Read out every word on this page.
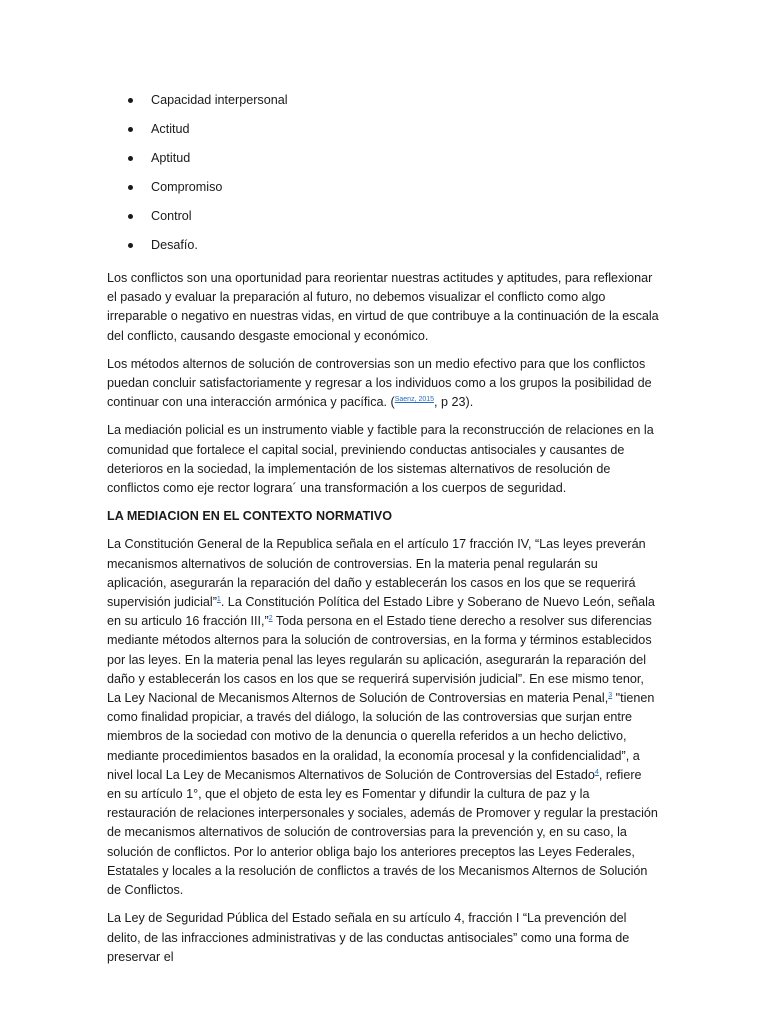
Capacidad interpersonal
Actitud
Aptitud
Compromiso
Control
Desafío.

Los conflictos son una oportunidad para reorientar nuestras actitudes y aptitudes, para reflexionar el pasado y evaluar la preparación al futuro, no debemos visualizar el conflicto como algo irreparable o negativo en nuestras vidas, en virtud de que contribuye a la continuación de la escala del conflicto, causando desgaste emocional y económico.

Los métodos alternos de solución de controversias son un medio efectivo para que los conflictos puedan concluir satisfactoriamente y regresar a los individuos como a los grupos la posibilidad de continuar con una interacción armónica y pacífica. ($^{Saenz, 2015}$, p 23).

La mediación policial es un instrumento viable y factible para la reconstrucción de relaciones en la comunidad que fortalece el capital social, previniendo conductas antisociales y causantes de deterioros en la sociedad, la implementación de los sistemas alternativos de resolución de conflictos como eje rector lograra´ una transformación a los cuerpos de seguridad.

LA MEDIACION EN EL CONTEXTO NORMATIVO

La Constitución General de la Republica señala en el artículo 17 fracción IV, “Las leyes preverán mecanismos alternativos de solución de controversias. En la materia penal regularán su aplicación, asegurarán la reparación del daño y establecerán los casos en los que se requerirá supervisión judicial”$^1$. La Constitución Política del Estado Libre y Soberano de Nuevo León, señala en su articulo 16 fracción III,”$^2$ Toda persona en el Estado tiene derecho a resolver sus diferencias mediante métodos alternos para la solución de controversias, en la forma y términos establecidos por las leyes. En la materia penal las leyes regularán su aplicación, asegurarán la reparación del daño y establecerán los casos en los que se requerirá supervisión judicial”. En ese mismo tenor, La Ley Nacional de Mecanismos Alternos de Solución de Controversias en materia Penal,$^3$ "tienen como finalidad propiciar, a través del diálogo, la solución de las controversias que surjan entre miembros de la sociedad con motivo de la denuncia o querella referidos a un hecho delictivo, mediante procedimientos basados en la oralidad, la economía procesal y la confidencialidad”, a nivel local La Ley de Mecanismos Alternativos de Solución de Controversias del Estado$^4$, refiere en su artículo 1°, que el objeto de esta ley es Fomentar y difundir la cultura de paz y la restauración de relaciones interpersonales y sociales, además de Promover y regular la prestación de mecanismos alternativos de solución de controversias para la prevención y, en su caso, la solución de conflictos. Por lo anterior obliga bajo los anteriores preceptos las Leyes Federales, Estatales y locales a la resolución de conflictos a través de los Mecanismos Alternos de Solución de Conflictos.

La Ley de Seguridad Pública del Estado señala en su artículo 4, fracción I “La prevención del delito, de las infracciones administrativas y de las conductas antisociales” como una forma de preservar el
